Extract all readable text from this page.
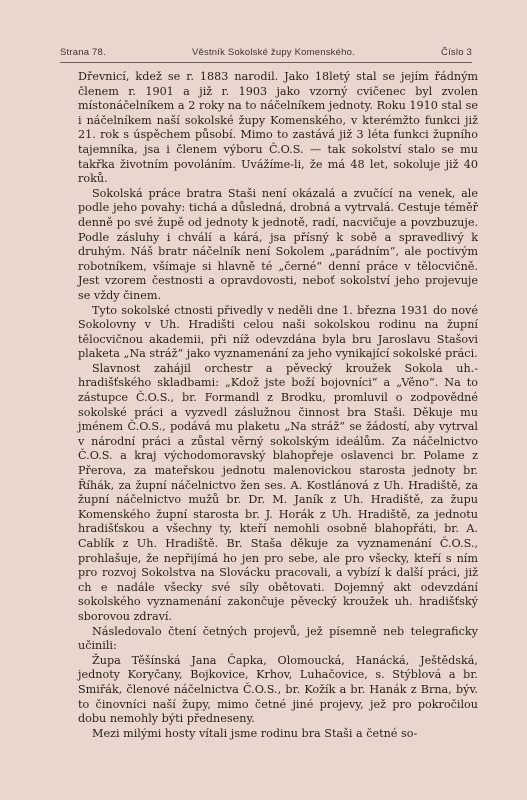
Strana 78.	Věstník Sokolské župy Komenského.	Číslo 3

Dřevnicí, kdež se r. 1883 narodil. Jako 18letý stal se jejím řádným členem r. 1901 a již r. 1903 jako vzorný cvičenec byl zvolen místonáčelníkem a 2 roky na to náčelníkem jednoty. Roku 1910 stal se i náčelníkem naší sokolské župy Komenského, v kterémžto funkci již 21. rok s úspěchem působí. Mimo to zastává již 3 léta funkci župního tajemníka, jsa i členem výboru Č.O.S. — tak sokolství stalo se mu takřka životním povoláním. Uvážíme-li, že má 48 let, sokoluje již 40 roků.

Sokolská práce bratra Staši není okázalá a zvučící na venek, ale podle jeho povahy: tichá a důsledná, drobná a vytrvalá. Cestuje téměř denně po své župě od jednoty k jednotě, radí, nacvičuje a povzbuzuje. Podle zásluhy i chválí a kárá, jsa přísný k sobě a spravedlivý k druhým. Náš bratr náčelník není Sokolem „parádním“, ale poctivým robotníkem, všímaje si hlavně té „černé“ denní práce v tělocvičně. Jest vzorem čestnosti a opravdovosti, neboť sokolství jeho projevuje se vždy činem.

Tyto sokolské ctnosti přivedly v neděli dne 1. března 1931 do nové Sokolovny v Uh. Hradišti celou naši sokolskou rodinu na župní tělocvičnou akademii, při níž odevzdána byla bru Jaroslavu Stašovi plaketa „Na stráž“ jako vyznamenání za jeho vynikající sokolské práci.

Slavnost zahájil orchestr a pěvecký kroužek Sokola uh.-hradišťského skladbami: „Kdož jste boží bojovníci“ a „Věno“. Na to zástupce Č.O.S., br. Formandl z Brodku, promluvil o zodpovědné sokolské práci a vyzvedl záslužnou činnost bra Staši. Děkuje mu jménem Č.O.S., podává mu plaketu „Na stráž“ se žádostí, aby vytrval v národní práci a zůstal věrný sokolským ideálům. Za náčelnictvo Č.O.S. a kraj východomoravský blahopřeje oslavenci br. Polame z Přerova, za mateřskou jednotu malenovickou starosta jednoty br. Říhák, za župní náčelnictvo žen ses. A. Kostlánová z Uh. Hradiště, za župní náčelnictvo mužů br. Dr. M. Janík z Uh. Hradiště, za župu Komenského župní starosta br. J. Horák z Uh. Hradiště, za jednotu hradišťskou a všechny ty, kteří nemohli osobně blahopřáti, br. A. Cablík z Uh. Hradiště. Br. Staša děkuje za vyznamenání Č.O.S., prohlašuje, že nepřijímá ho jen pro sebe, ale pro všecky, kteří s ním pro rozvoj Sokolstva na Slovácku pracovali, a vybízí k další práci, již ch e nadále všecky své síly obětovati. Dojemný akt odevzdání sokolského vyznamenání zakončuje pěvecký kroužek uh. hradišťský sborovou zdraví.

Následovalo čtení četných projevů, jež písemně neb telegraficky učinili:

Župa Těšínská Jana Čapka, Olomoucká, Hanácká, Ještědská, jednoty Koryčany, Bojkovice, Krhov, Luhačovice, s. Stýblová a br. Smiřák, členové náčelnictva Č.O.S., br. Kožík a br. Hanák z Brna, býv. to činovníci naší župy, mimo četné jiné projevy, jež pro pokročilou dobu nemohly býti předneseny.

Mezi milými hosty vítali jsme rodinu bra Staši a četné so-
